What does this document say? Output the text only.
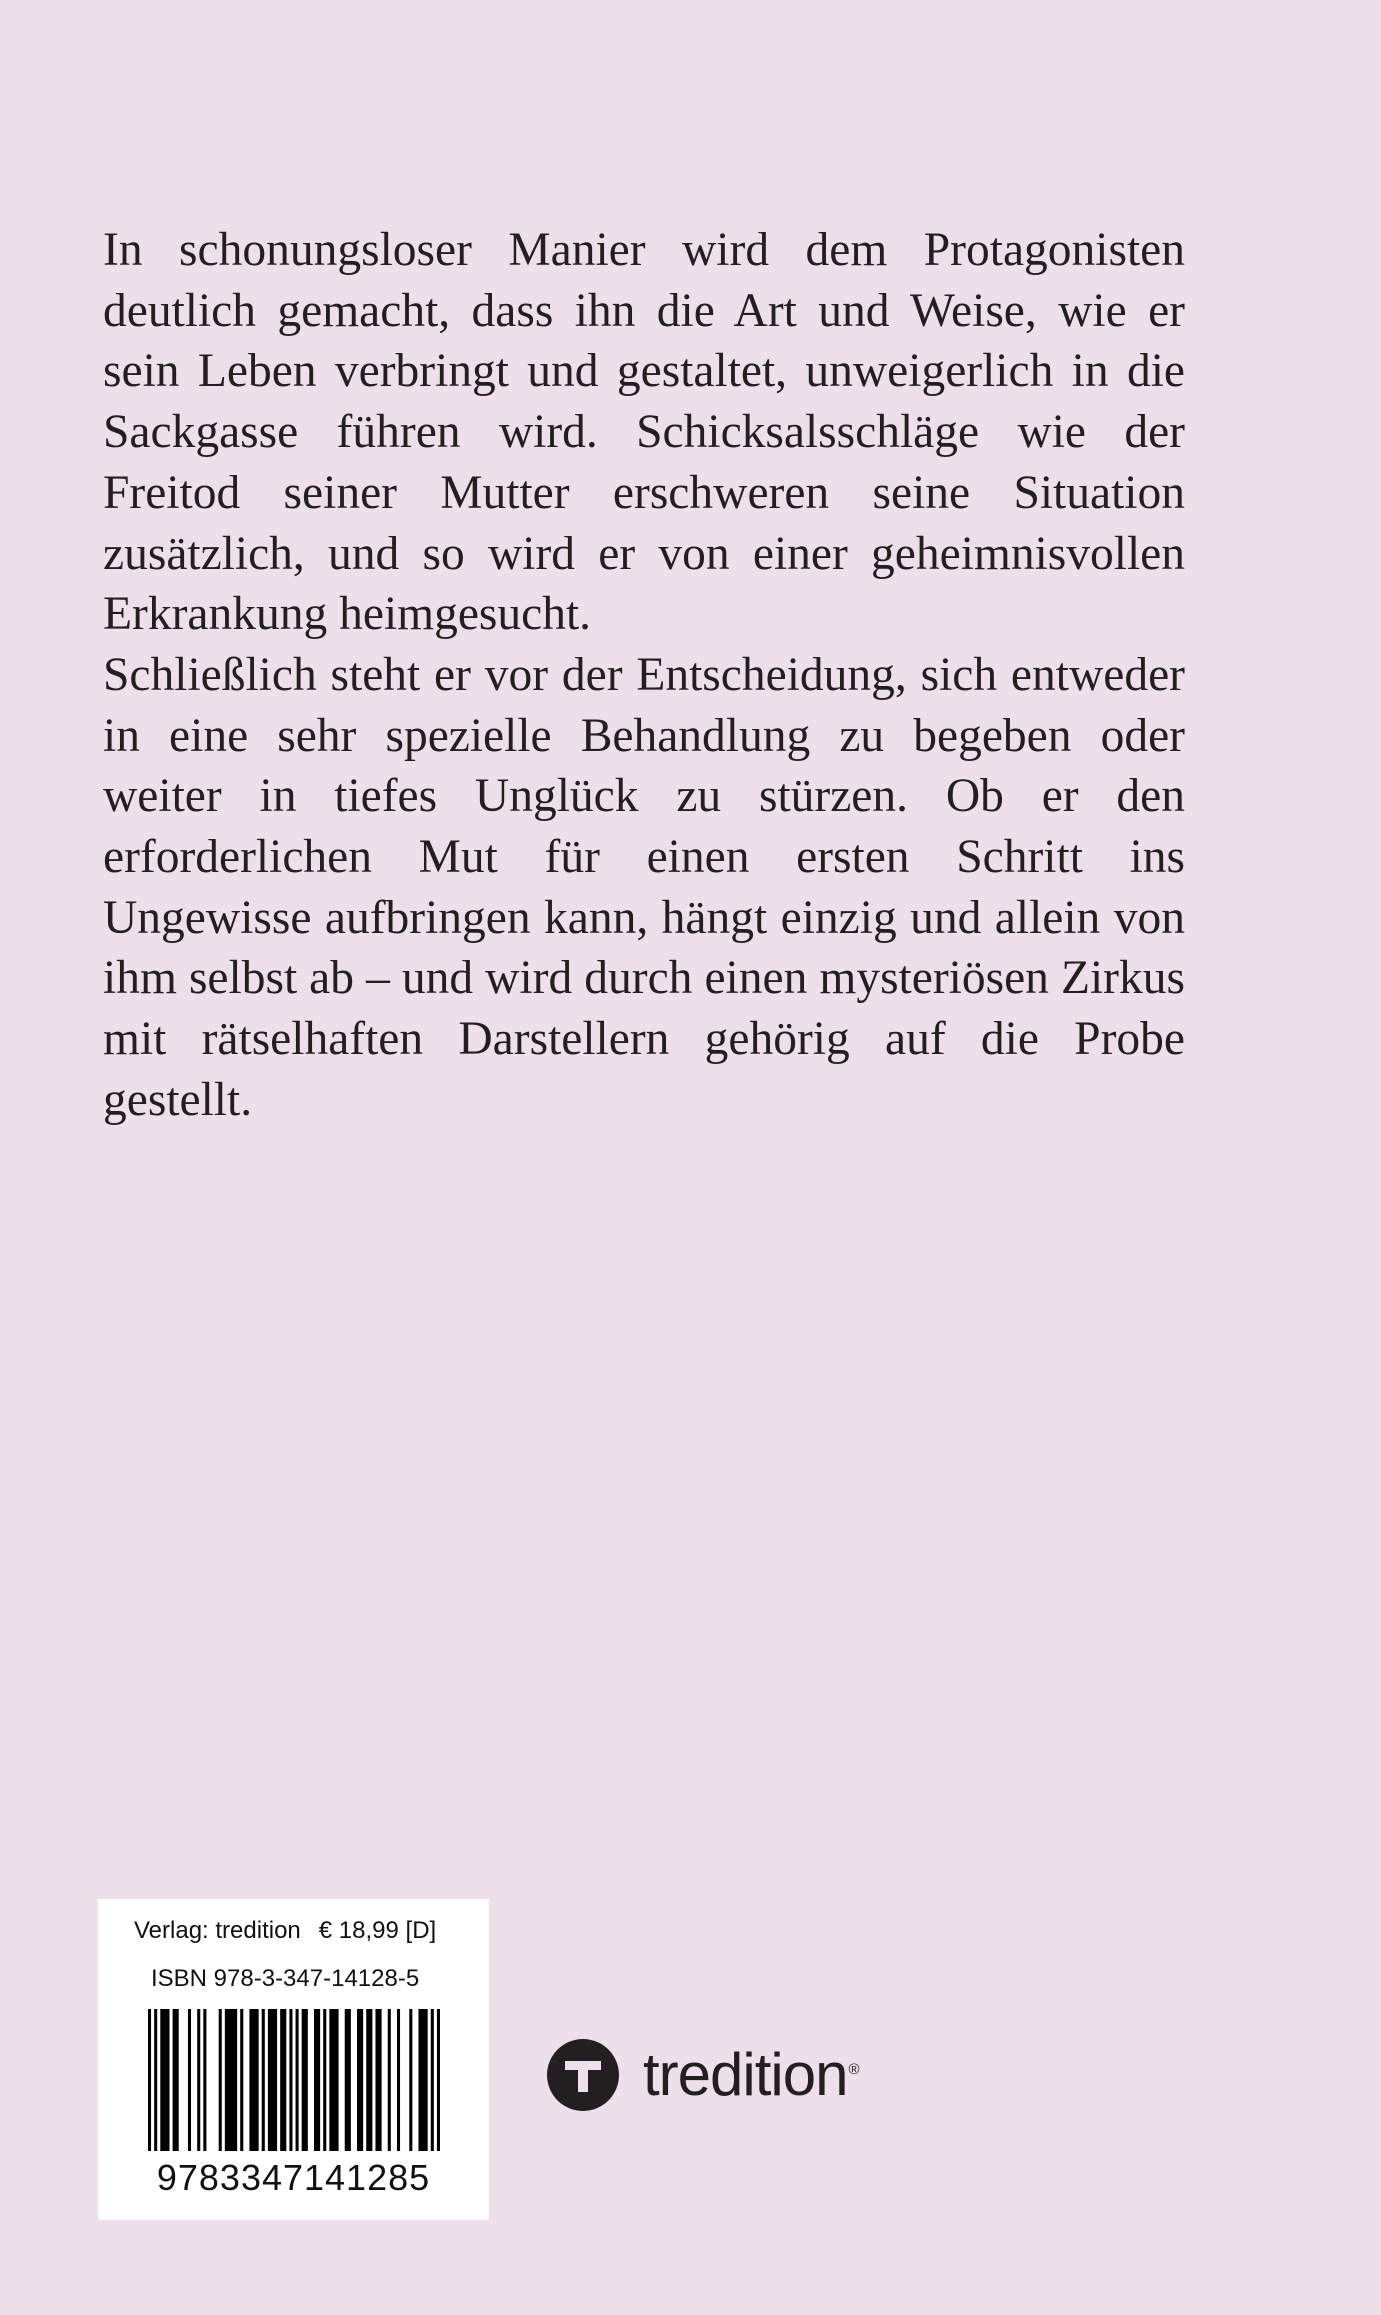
In schonungsloser Manier wird dem Protagonisten deutlich gemacht, dass ihn die Art und Weise, wie er sein Leben verbringt und gestaltet, unweigerlich in die Sackgasse führen wird. Schicksalsschläge wie der Freitod seiner Mutter erschweren seine Situation zusätzlich, und so wird er von einer geheimnisvollen Erkrankung heimgesucht.

Schließlich steht er vor der Entscheidung, sich entweder in eine sehr spezielle Behandlung zu begeben oder weiter in tiefes Unglück zu stürzen. Ob er den erforderlichen Mut für einen ersten Schritt ins Ungewisse aufbringen kann, hängt einzig und allein von ihm selbst ab – und wird durch einen mysteriösen Zirkus mit rätselhaften Darstellern gehörig auf die Probe gestellt.

Verlag: tredition € 18,99 [D]
ISBN 978-3-347-14128-5
9783347141285
tredition ®
